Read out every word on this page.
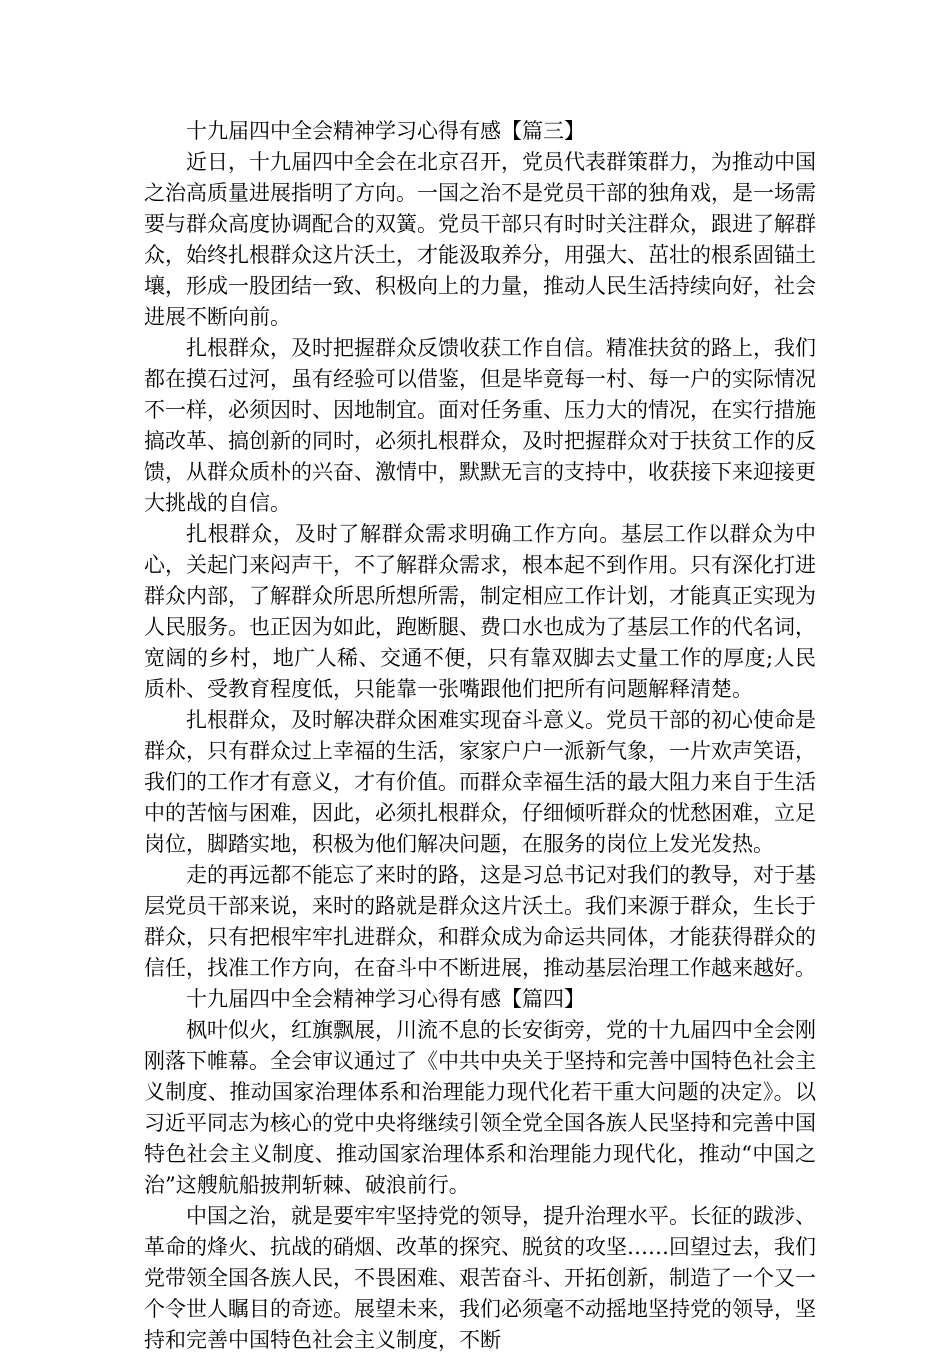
十九届四中全会精神学习心得有感【篇三】

近日，十九届四中全会在北京召开，党员代表群策群力，为推动中国之治高质量进展指明了方向。一国之治不是党员干部的独角戏，是一场需要与群众高度协调配合的双簧。党员干部只有时时关注群众，跟进了解群众，始终扎根群众这片沃土，才能汲取养分，用强大、茁壮的根系固锚土壤，形成一股团结一致、积极向上的力量，推动人民生活持续向好，社会进展不断向前。

扎根群众，及时把握群众反馈收获工作自信。精准扶贫的路上，我们都在摸石过河，虽有经验可以借鉴，但是毕竟每一村、每一户的实际情况不一样，必须因时、因地制宜。面对任务重、压力大的情况，在实行措施搞改革、搞创新的同时，必须扎根群众，及时把握群众对于扶贫工作的反馈，从群众质朴的兴奋、激情中，默默无言的支持中，收获接下来迎接更大挑战的自信。

扎根群众，及时了解群众需求明确工作方向。基层工作以群众为中心，关起门来闷声干，不了解群众需求，根本起不到作用。只有深化打进群众内部，了解群众所思所想所需，制定相应工作计划，才能真正实现为人民服务。也正因为如此，跑断腿、费口水也成为了基层工作的代名词，宽阔的乡村，地广人稀、交通不便，只有靠双脚去丈量工作的厚度;人民质朴、受教育程度低，只能靠一张嘴跟他们把所有问题解释清楚。

扎根群众，及时解决群众困难实现奋斗意义。党员干部的初心使命是群众，只有群众过上幸福的生活，家家户户一派新气象，一片欢声笑语，我们的工作才有意义，才有价值。而群众幸福生活的最大阻力来自于生活中的苦恼与困难，因此，必须扎根群众，仔细倾听群众的忧愁困难，立足岗位，脚踏实地，积极为他们解决问题，在服务的岗位上发光发热。

走的再远都不能忘了来时的路，这是习总书记对我们的教导，对于基层党员干部来说，来时的路就是群众这片沃土。我们来源于群众，生长于群众，只有把根牢牢扎进群众，和群众成为命运共同体，才能获得群众的信任，找准工作方向，在奋斗中不断进展，推动基层治理工作越来越好。

十九届四中全会精神学习心得有感【篇四】

枫叶似火，红旗飘展，川流不息的长安街旁，党的十九届四中全会刚刚落下帷幕。全会审议通过了《中共中央关于坚持和完善中国特色社会主义制度、推动国家治理体系和治理能力现代化若干重大问题的决定》。以习近平同志为核心的党中央将继续引领全党全国各族人民坚持和完善中国特色社会主义制度、推动国家治理体系和治理能力现代化，推动“中国之治”这艘航船披荆斩棘、破浪前行。

中国之治，就是要牢牢坚持党的领导，提升治理水平。长征的跋涉、革命的烽火、抗战的硝烟、改革的探究、脱贫的攻坚……回望过去，我们党带领全国各族人民，不畏困难、艰苦奋斗、开拓创新，制造了一个又一个令世人瞩目的奇迹。展望未来，我们必须毫不动摇地坚持党的领导，坚持和完善中国特色社会主义制度，不断
